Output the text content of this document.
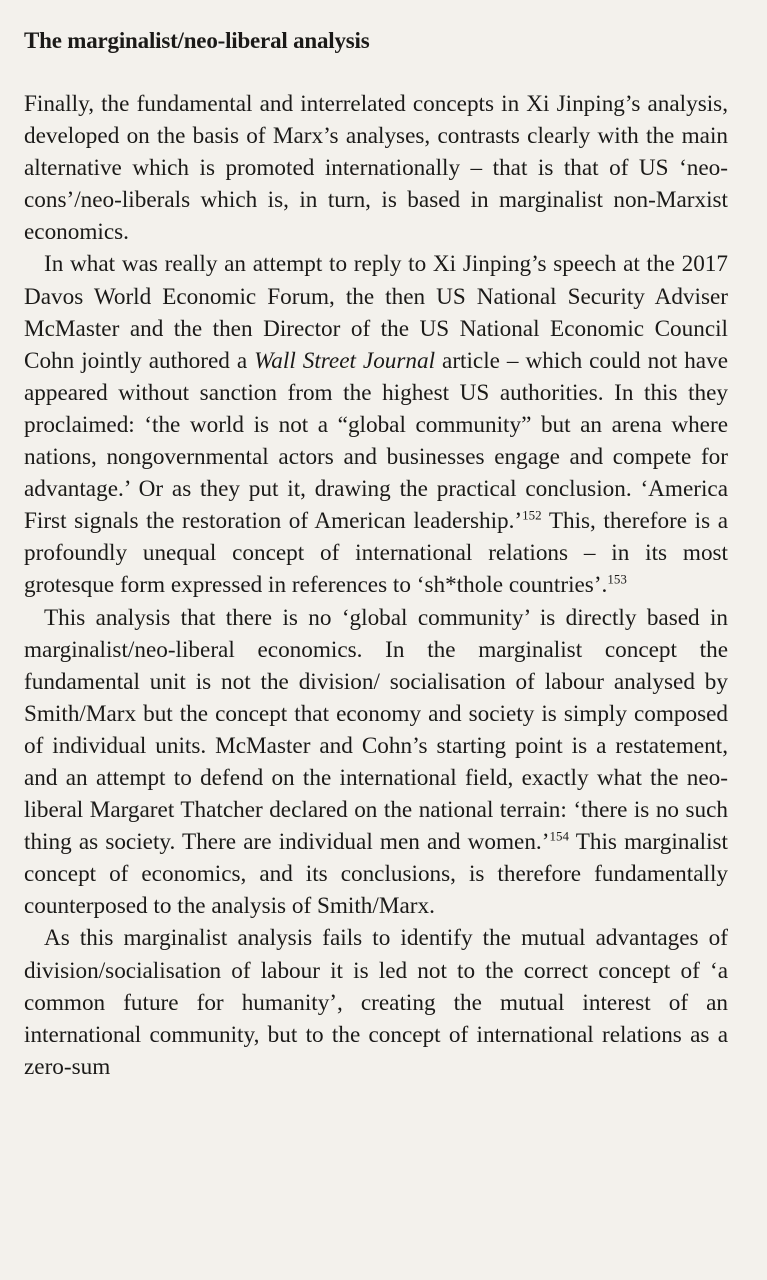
The marginalist/neo-liberal analysis

Finally, the fundamental and interrelated concepts in Xi Jinping’s analysis, developed on the basis of Marx’s analyses, contrasts clearly with the main alternative which is promoted internationally – that is that of US ‘neo-cons’/neo-liberals which is, in turn, is based in marginalist non-Marxist economics.

In what was really an attempt to reply to Xi Jinping’s speech at the 2017 Davos World Economic Forum, the then US National Security Adviser McMaster and the then Director of the US National Economic Council Cohn jointly authored a Wall Street Journal article – which could not have appeared without sanction from the highest US authorities. In this they proclaimed: ‘the world is not a “global community” but an arena where nations, nongovernmental actors and businesses engage and compete for advantage.’ Or as they put it, drawing the practical conclusion. ‘America First signals the restoration of American leadership.’$^{152}$ This, therefore is a profoundly unequal concept of international relations – in its most grotesque form expressed in references to ‘sh*thole countries’.$^{153}$

This analysis that there is no ‘global community’ is directly based in marginalist/neo-liberal economics. In the marginalist concept the fundamental unit is not the division/ socialisation of labour analysed by Smith/Marx but the concept that economy and society is simply composed of individual units. McMaster and Cohn’s starting point is a restatement, and an attempt to defend on the international field, exactly what the neo-liberal Margaret Thatcher declared on the national terrain: ‘there is no such thing as society. There are individual men and women.’$^{154}$ This marginalist concept of economics, and its conclusions, is therefore fundamentally counterposed to the analysis of Smith/Marx.

As this marginalist analysis fails to identify the mutual advantages of division/socialisation of labour it is led not to the correct concept of ‘a common future for humanity’, creating the mutual interest of an international community, but to the concept of international relations as a zero-sum
